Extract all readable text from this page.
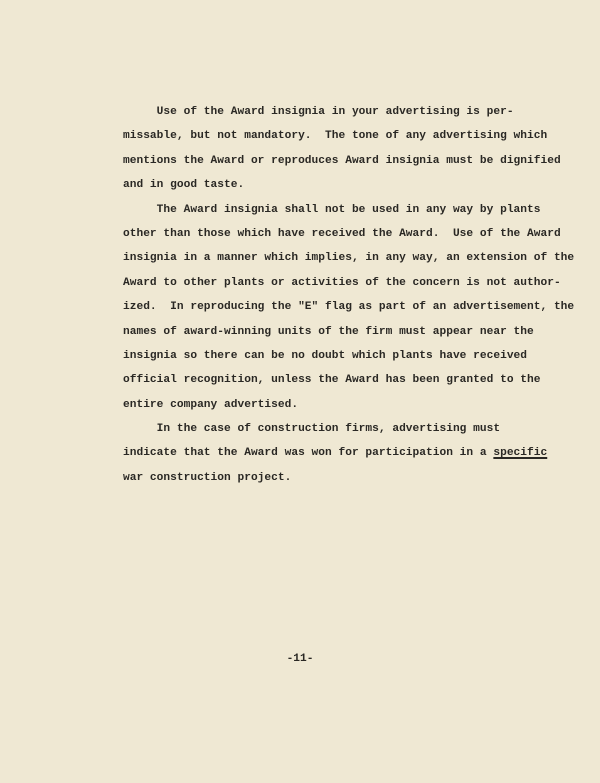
Use of the Award insignia in your advertising is per-
missable, but not mandatory.  The tone of any advertising which
mentions the Award or reproduces Award insignia must be dignified
and in good taste.
The Award insignia shall not be used in any way by plants
other than those which have received the Award.  Use of the Award
insignia in a manner which implies, in any way, an extension of the
Award to other plants or activities of the concern is not author-
ized.  In reproducing the "E" flag as part of an advertisement, the
names of award-winning units of the firm must appear near the
insignia so there can be no doubt which plants have received
official recognition, unless the Award has been granted to the
entire company advertised.
In the case of construction firms, advertising must
indicate that the Award was won for participation in a specific
war construction project.
-11-
